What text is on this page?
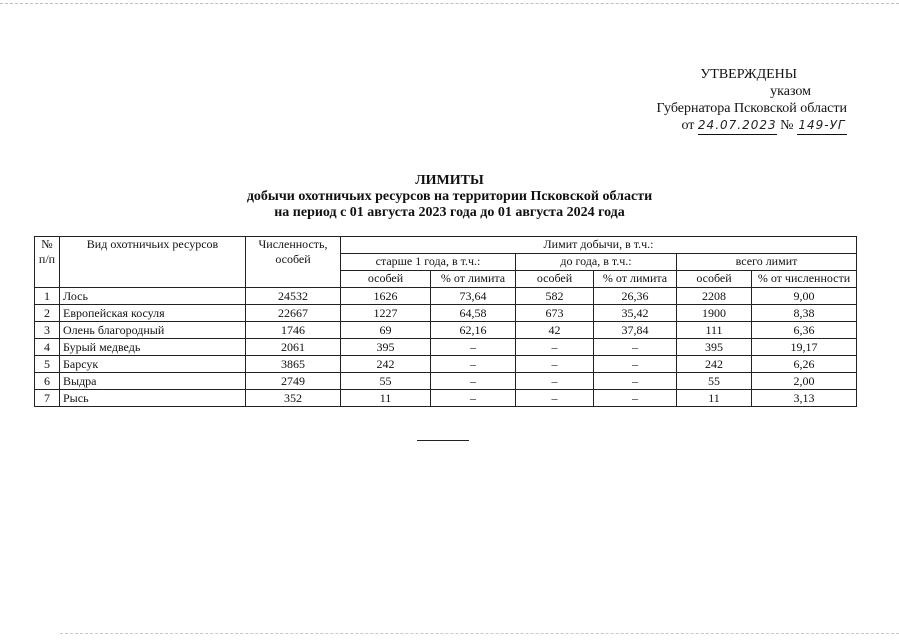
УТВЕРЖДЕНЫ
указом
Губернатора Псковской области
от 24.07.2023 № 149-УГ
ЛИМИТЫ
добычи охотничьих ресурсов на территории Псковской области
на период с 01 августа 2023 года до 01 августа 2024 года
№ п/п	Вид охотничьих ресурсов	Численность, особей	Лимит добычи, в т.ч.:					
			старше 1 года, в т.ч.:		до года, в т.ч.:		всего лимит	
			особей	% от лимита	особей	% от лимита	особей	% от численности
1	Лось	24532	1626	73,64	582	26,36	2208	9,00
2	Европейская косуля	22667	1227	64,58	673	35,42	1900	8,38
3	Олень благородный	1746	69	62,16	42	37,84	111	6,36
4	Бурый медведь	2061	395	–	–	–	395	19,17
5	Барсук	3865	242	–	–	–	242	6,26
6	Выдра	2749	55	–	–	–	55	2,00
7	Рысь	352	11	–	–	–	11	3,13
